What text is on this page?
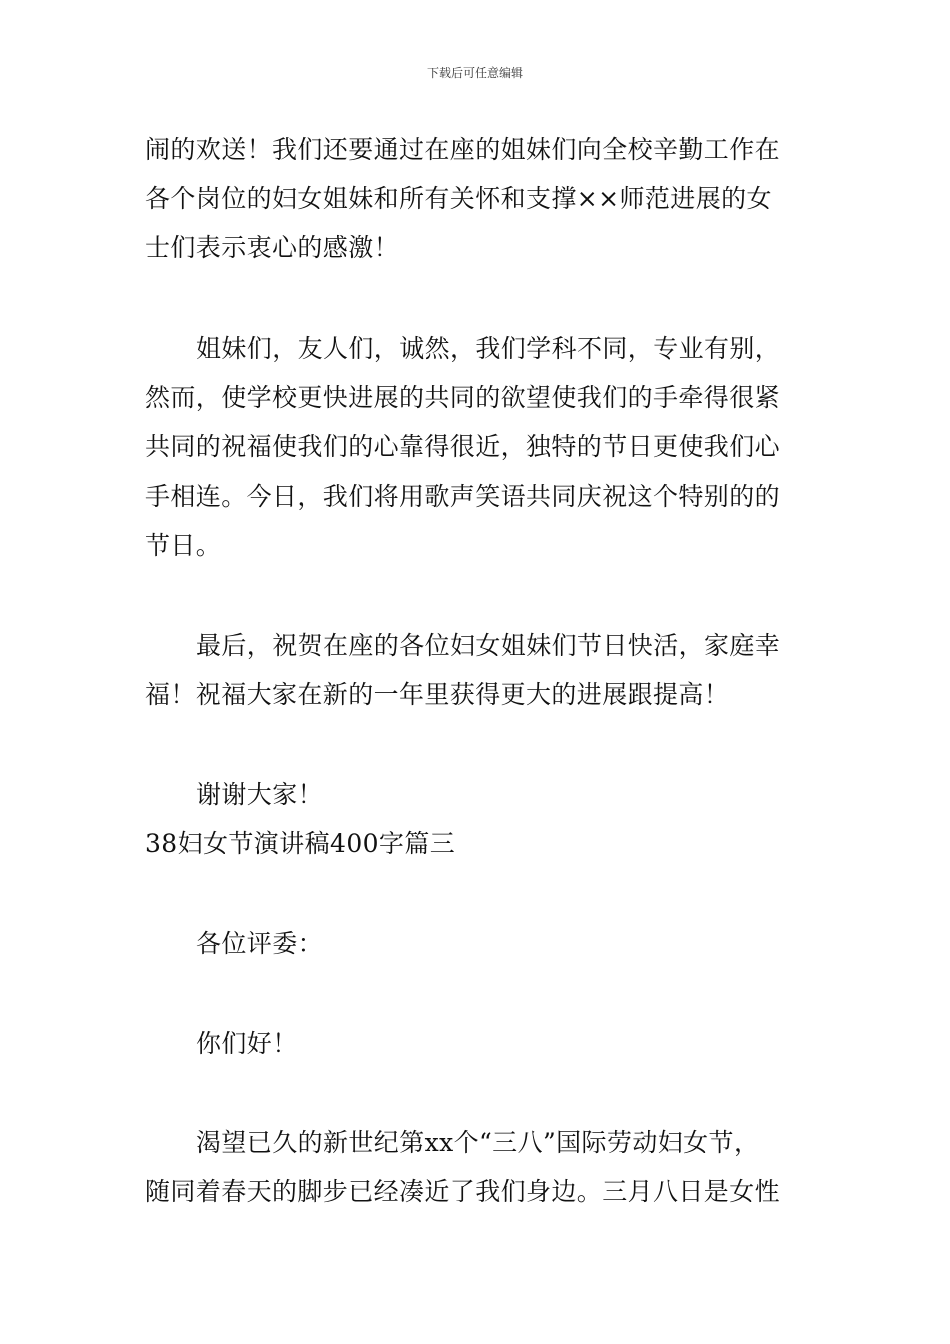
下载后可任意编辑
闹的欢送！我们还要通过在座的姐妹们向全校辛勤工作在
各个岗位的妇女姐妹和所有关怀和支撑××师范进展的女
士们表示衷心的感激！
姐妹们，友人们，诚然，我们学科不同，专业有别，
然而，使学校更快进展的共同的欲望使我们的手牵得很紧
共同的祝福使我们的心靠得很近，独特的节日更使我们心
手相连。今日，我们将用歌声笑语共同庆祝这个特别的的
节日。
最后，祝贺在座的各位妇女姐妹们节日快活，家庭幸
福！祝福大家在新的一年里获得更大的进展跟提高！
谢谢大家！
38妇女节演讲稿400字篇三
各位评委：
你们好！
渴望已久的新世纪第xx个“三八”国际劳动妇女节，
随同着春天的脚步已经凑近了我们身边。三月八日是女性
